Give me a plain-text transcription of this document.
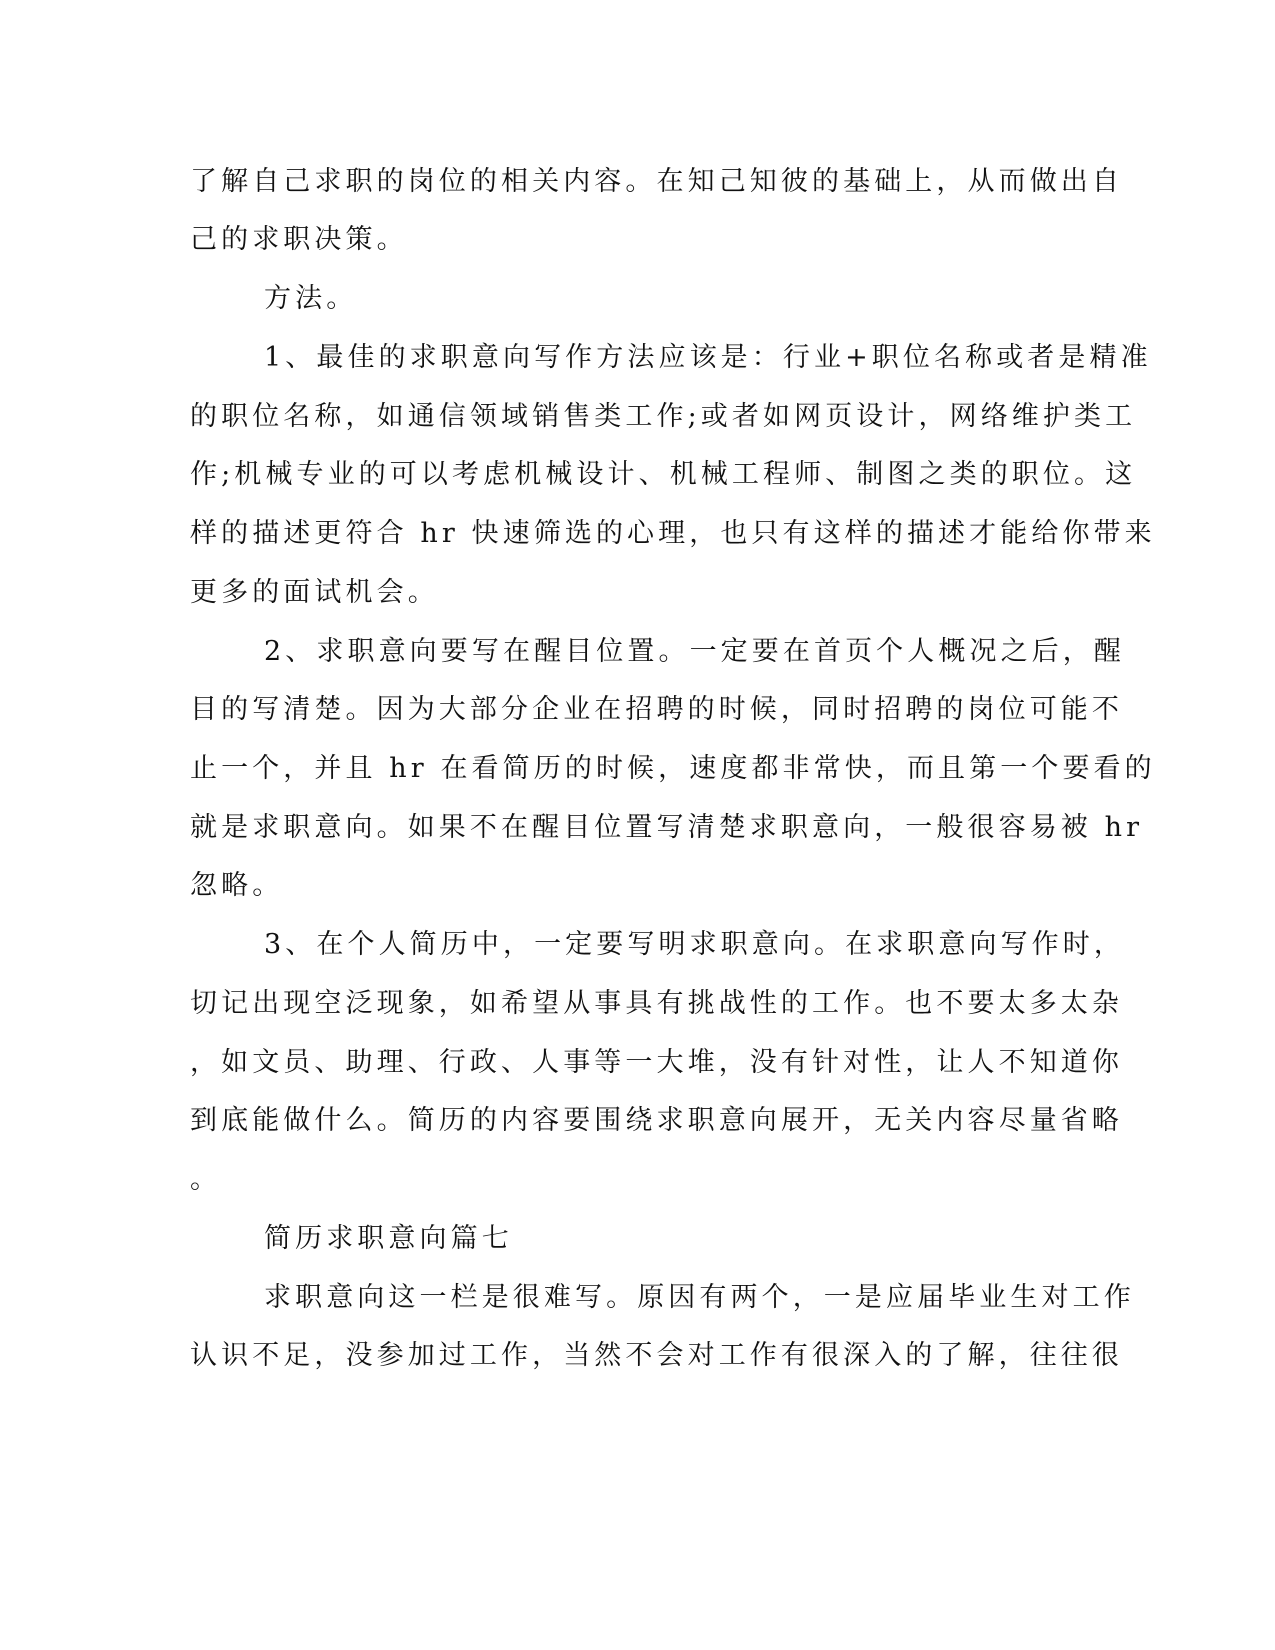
了解自己求职的岗位的相关内容。在知己知彼的基础上，从而做出自
己的求职决策。
方法。
1、最佳的求职意向写作方法应该是：行业+职位名称或者是精准
的职位名称，如通信领域销售类工作;或者如网页设计，网络维护类工
作;机械专业的可以考虑机械设计、机械工程师、制图之类的职位。这
样的描述更符合 hr 快速筛选的心理，也只有这样的描述才能给你带来
更多的面试机会。
2、求职意向要写在醒目位置。一定要在首页个人概况之后，醒
目的写清楚。因为大部分企业在招聘的时候，同时招聘的岗位可能不
止一个，并且 hr 在看简历的时候，速度都非常快，而且第一个要看的
就是求职意向。如果不在醒目位置写清楚求职意向，一般很容易被 hr
忽略。
3、在个人简历中，一定要写明求职意向。在求职意向写作时，
切记出现空泛现象，如希望从事具有挑战性的工作。也不要太多太杂
，如文员、助理、行政、人事等一大堆，没有针对性，让人不知道你
到底能做什么。简历的内容要围绕求职意向展开，无关内容尽量省略
。
简历求职意向篇七
求职意向这一栏是很难写。原因有两个，一是应届毕业生对工作
认识不足，没参加过工作，当然不会对工作有很深入的了解，往往很
